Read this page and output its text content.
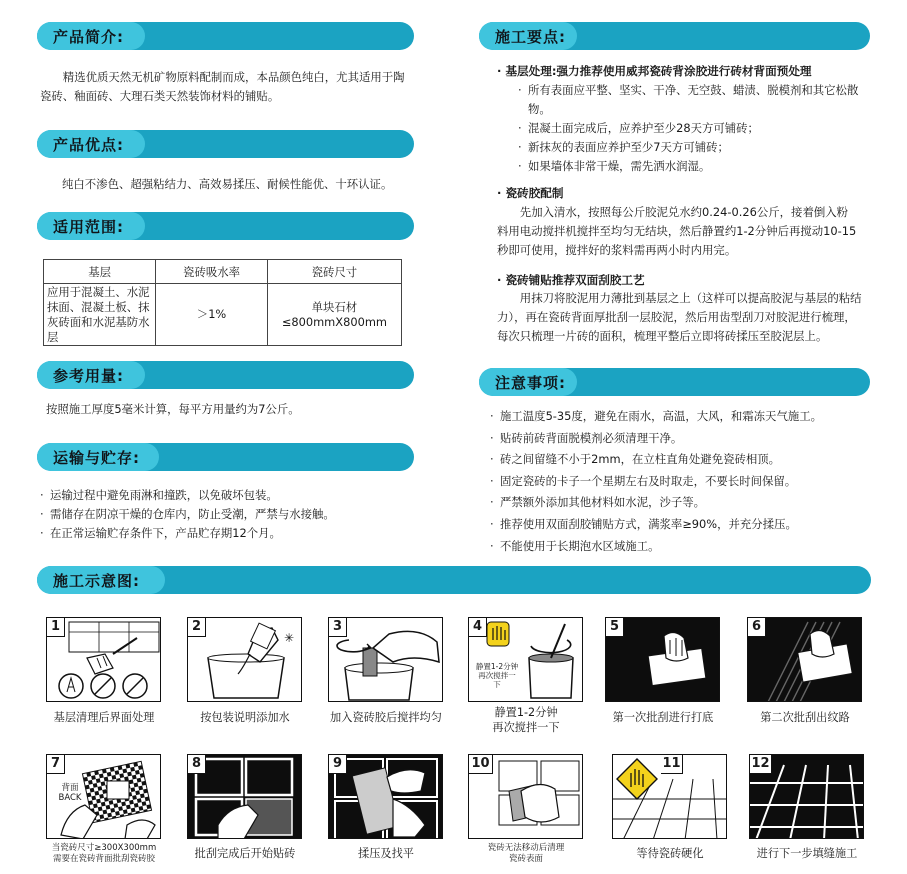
产品简介:
精选优质天然无机矿物原料配制而成，本品颜色纯白，尤其适用于陶瓷砖、釉面砖、大理石类天然装饰材料的铺贴。
产品优点:
纯白不渗色、超强粘结力、高效易揉压、耐候性能优、十环认证。
适用范围:
基层	瓷砖吸水率	瓷砖尺寸
应用于混凝土、水泥抹面、混凝土板、抹灰砖面和水泥基防水层	＞1%	单块石材≤800mmX800mm
参考用量:
按照施工厚度5毫米计算，每平方用量约为7公斤。
运输与贮存:
· 运输过程中避免雨淋和撞跌，以免破坏包装。
· 需储存在阴凉干燥的仓库内，防止受潮，严禁与水接触。
· 在正常运输贮存条件下，产品贮存期12个月。
施工要点:
· 基层处理:强力推荐使用威邦瓷砖背涂胶进行砖材背面预处理
· 所有表面应平整、坚实、干净、无空鼓、蜡渍、脱模剂和其它松散物。
· 混凝土面完成后，应养护至少28天方可铺砖；
· 新抹灰的表面应养护至少7天方可铺砖；
· 如果墙体非常干燥，需先洒水润湿。
· 瓷砖胶配制
先加入清水，按照每公斤胶泥兑水约0.24-0.26公斤，接着倒入粉料用电动搅拌机搅拌至均匀无结块，然后静置约1-2分钟后再搅动10-15秒即可使用，搅拌好的浆料需再两小时内用完。
· 瓷砖铺贴推荐双面刮胶工艺
用抹刀将胶泥用力薄批到基层之上（这样可以提高胶泥与基层的粘结力），再在瓷砖背面厚批刮一层胶泥，然后用齿型刮刀对胶泥进行梳理，每次只梳理一片砖的面积，梳理平整后立即将砖揉压至胶泥层上。
注意事项:
· 施工温度5-35度，避免在雨水，高温，大风，和霜冻天气施工。
· 贴砖前砖背面脱模剂必须清理干净。
· 砖之间留缝不小于2mm，在立柱直角处避免瓷砖相顶。
· 固定瓷砖的卡子一个星期左右及时取走，不要长时间保留。
· 严禁额外添加其他材料如水泥，沙子等。
· 推荐使用双面刮胶铺贴方式，满浆率≥90%，并充分揉压。
· 不能使用于长期泡水区域施工。
施工示意图:
1
基层清理后界面处理
2
✳
按包装说明添加水
3
加入瓷砖胶后搅拌均匀
4
静置1-2分钟
再次搅拌一下
静置1-2分钟
再次搅拌一下
5
第一次批刮进行打底
6
第二次批刮出纹路
7
背面
BACK
当瓷砖尺寸≥300X300mm
需要在瓷砖背面批刮瓷砖胶
8
批刮完成后开始贴砖
9
揉压及找平
10
瓷砖无法移动后清理
瓷砖表面
11
等待瓷砖硬化
12
进行下一步填缝施工
